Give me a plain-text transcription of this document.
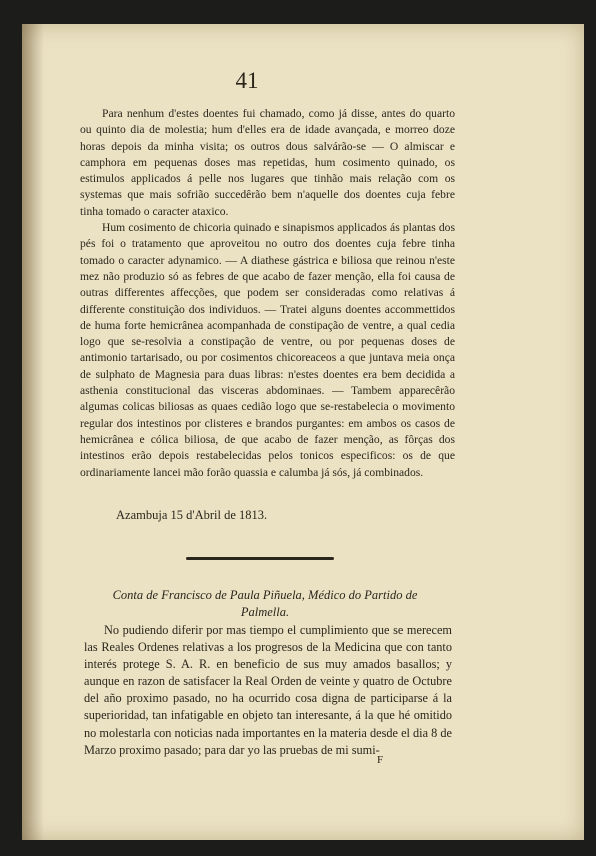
41

Para nenhum d'estes doentes fui chamado, como já disse, antes do quarto ou quinto dia de molestia; hum d'elles era de idade avançada, e morreo doze horas depois da minha visita; os outros dous salvárão-se — O almiscar e camphora em pequenas doses mas repetidas, hum cosimento quinado, os estimulos applicados á pelle nos lugares que tinhão mais relação com os systemas que mais sofrião succedêrão bem n'aquelle dos doentes cuja febre tinha tomado o caracter ataxico.

Hum cosimento de chicoria quinado e sinapismos applicados ás plantas dos pés foi o tratamento que aproveitou no outro dos doentes cuja febre tinha tomado o caracter adynamico. — A diathese gástrica e biliosa que reinou n'este mez não produzio só as febres de que acabo de fazer menção, ella foi causa de outras differentes affecções, que podem ser consideradas como relativas á differente constituição dos individuos. — Tratei alguns doentes accommettidos de huma forte hemicrânea acompanhada de constipação de ventre, a qual cedia logo que se-resolvia a constipação de ventre, ou por pequenas doses de antimonio tartarisado, ou por cosimentos chicoreaceos a que juntava meia onça de sulphato de Magnesia para duas libras: n'estes doentes era bem decidida a asthenia constitucional das visceras abdominaes. — Tambem apparecêrão algumas colicas biliosas as quaes cedião logo que se-restabelecia o movimento regular dos intestinos por clisteres e brandos purgantes: em ambos os casos de hemicrânea e cólica biliosa, de que acabo de fazer menção, as fôrças dos intestinos erão depois restabelecidas pelos tonicos especificos: os de que ordinariamente lancei mão forão quassia e calumba já sós, já combinados.

Azambuja 15 d'Abril de 1813.
Conta de Francisco de Paula Piñuela, Médico do Partido de Palmella.

No pudiendo diferir por mas tiempo el cumplimiento que se merecem las Reales Ordenes relativas a los progresos de la Medicina que con tanto interés protege S. A. R. en beneficio de sus muy amados basallos; y aunque en razon de satisfacer la Real Orden de veinte y quatro de Octubre del año proximo pasado, no ha ocurrido cosa digna de participarse á la superioridad, tan infatigable en objeto tan interesante, á la que hé omitido no molestarla con noticias nada importantes en la materia desde el dia 8 de Marzo proximo pasado; para dar yo las pruebas de mi sumi-

F
